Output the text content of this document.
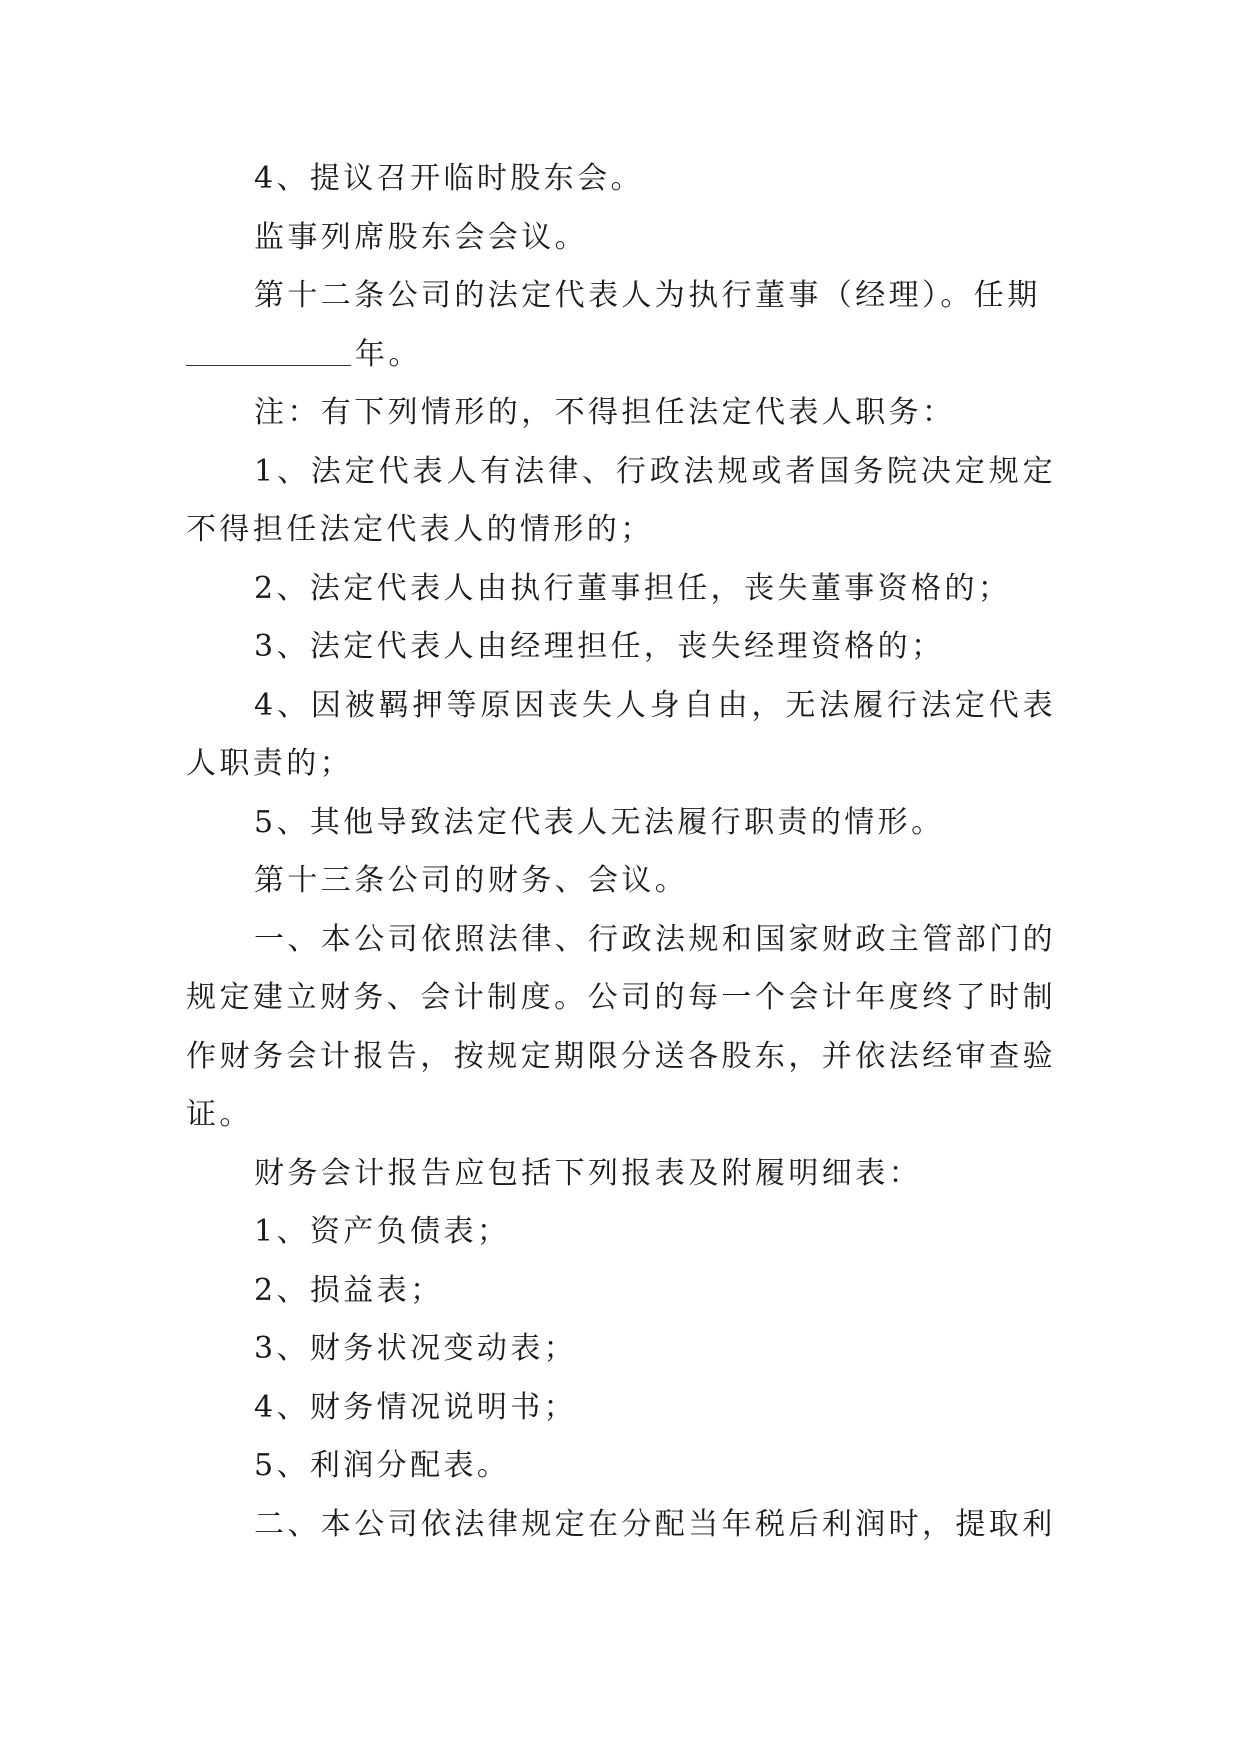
4、提议召开临时股东会。

监事列席股东会会议。

第十二条公司的法定代表人为执行董事（经理）。任期

年。

注：有下列情形的，不得担任法定代表人职务：

1、法定代表人有法律、行政法规或者国务院决定规定不得担任法定代表人的情形的；

2、法定代表人由执行董事担任，丧失董事资格的；

3、法定代表人由经理担任，丧失经理资格的；

4、因被羁押等原因丧失人身自由，无法履行法定代表人职责的；

5、其他导致法定代表人无法履行职责的情形。

第十三条公司的财务、会议。

一、本公司依照法律、行政法规和国家财政主管部门的规定建立财务、会计制度。公司的每一个会计年度终了时制作财务会计报告，按规定期限分送各股东，并依法经审查验证。

财务会计报告应包括下列报表及附履明细表：

1、资产负债表；

2、损益表；

3、财务状况变动表；

4、财务情况说明书；

5、利润分配表。

二、本公司依法律规定在分配当年税后利润时，提取利
